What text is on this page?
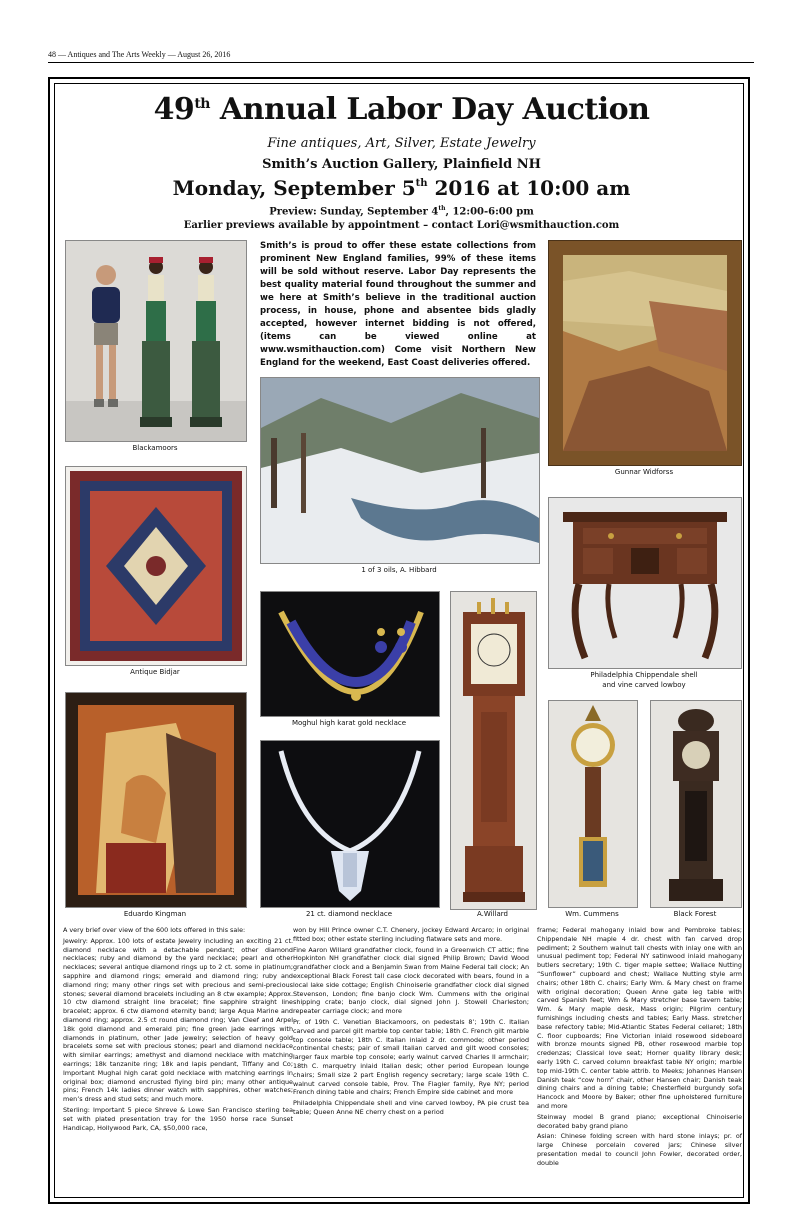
48 — Antiques and The Arts Weekly — August 26, 2016
49th Annual Labor Day Auction
Fine antiques, Art, Silver, Estate Jewelry
Smith’s Auction Gallery, Plainfield NH
Monday, September 5th 2016 at 10:00 am
Preview: Sunday, September 4th, 12:00-6:00 pm
Earlier previews available by appointment – contact Lori@wsmithauction.com
Smith’s is proud to offer these estate collections from prominent New England families, 99% of these items will be sold without reserve. Labor Day represents the best quality material found throughout the summer and we here at Smith’s believe in the traditional auction process, in house, phone and absentee bids gladly accepted, however internet bidding is not offered, (items can be viewed online at www.wsmithauction.com) Come visit Northern New England for the weekend, East Coast deliveries offered.
Blackamoors
1 of 3 oils, A. Hibbard
Gunnar Widforss
Antique Bidjar	Philadelphia Chippendale shell
and vine carved lowboy
Moghul high karat gold necklace
A.Willard
Eduardo Kingman	21 ct. diamond necklace	Wm. Cummens	Black Forest

A very brief over view of the 600 lots offered in this sale:

Jewelry: Approx. 100 lots of estate Jewelry including an exciting 21 ct. diamond necklace with a detachable pendant; other diamond necklaces; ruby and diamond by the yard necklace; pearl and other necklaces; several antique diamond rings up to 2 ct. some in platinum; sapphire and diamond rings; emerald and diamond ring; ruby and diamond ring; many other rings set with precious and semi-precious stones; several diamond bracelets including an 8 ctw example; Approx. 10 ctw diamond straight line bracelet; fine sapphire straight line bracelet; approx. 6 ctw diamond eternity band; large Aqua Marine and diamond ring; approx. 2.5 ct round diamond ring; Van Cleef and Arpel 18k gold diamond and emerald pin; fine green jade earrings with diamonds in platinum, other Jade jewelry; selection of heavy gold bracelets some set with precious stones; pearl and diamond necklace with similar earrings; amethyst and diamond necklace with matching earrings; 18k tanzanite ring; 18k and lapis pendant, Tiffany and Co; Important Mughal high carat gold necklace with matching earrings in original box; diamond encrusted flying bird pin; many other antique pins; French 14k ladies dinner watch with sapphires, other watches; men’s dress and stud sets; and much more.

Sterling: Important 5 piece Shreve & Lowe San Francisco sterling tea set with plated presentation tray for the 1950 horse race Sunset Handicap, Hollywood Park, CA, $50,000 race,

won by Hill Prince owner C.T. Chenery, jockey Edward Arcaro; in original fitted box; other estate sterling including flatware sets and more.

Fine Aaron Willard grandfather clock, found in a Greenwich CT attic; fine Hopkinton NH grandfather clock dial signed Philip Brown; David Wood grandfather clock and a Benjamin Swan from Maine Federal tall clock; An exceptional Black Forest tall case clock decorated with bears, found in a local lake side cottage; English Chinoiserie grandfather clock dial signed Stevenson, London; fine banjo clock Wm. Cummens with the original shipping crate; banjo clock, dial signed John J. Stowell Charleston; repeater carriage clock; and more

Pr. of 19th C. Venetian Blackamoors, on pedestals 8’; 19th C. Italian carved and parcel gilt marble top center table; 18th C. French gilt marble top console table; 18th C. Italian inlaid 2 dr. commode; other period continental chests; pair of small Italian carved and gilt wood consoles; larger faux marble top console; early walnut carved Charles II armchair; 18th C. marquetry inlaid Italian desk; other period European lounge chairs; Small size 2 part English regency secretary; large scale 19th C. walnut carved console table, Prov. The Flagler family, Rye NY; period French dining table and chairs; French Empire side cabinet and more

Philadelphia Chippendale shell and vine carved lowboy, PA pie crust tea table; Queen Anne NE cherry chest on a period

frame; Federal mahogany inlaid bow and Pembroke tables; Chippendale NH maple 4 dr. chest with fan carved drop pediment; 2 Southern walnut tall chests with inlay one with an unusual pediment top; Federal NY satinwood inlaid mahogany butlers secretary; 19th C. tiger maple settee; Wallace Nutting “Sunflower” cupboard and chest; Wallace Nutting style arm chairs; other 18th C. chairs; Early Wm. & Mary chest on frame with original decoration; Queen Anne gate leg table with carved Spanish feet; Wm & Mary stretcher base tavern table; Wm. & Mary maple desk, Mass origin; Pilgrim century furnishings including chests and tables; Early Mass. stretcher base refectory table; Mid-Atlantic States Federal cellaret; 18th C. floor cupboards; Fine Victorian inlaid rosewood sideboard with bronze mounts signed PB, other rosewood marble top credenzas; Classical love seat; Horner quality library desk; early 19th C. carved column breakfast table NY origin; marble top mid-19th C. center table attrib. to Meeks; Johannes Hansen Danish teak “cow horn” chair, other Hansen chair; Danish teak dining chairs and a dining table; Chesterfield burgundy sofa Hancock and Moore by Baker; other fine upholstered furniture and more

Steinway model B grand piano; exceptional Chinoiserie decorated baby grand piano

Asian: Chinese folding screen with hard stone inlays; pr. of large Chinese porcelain covered jars; Chinese silver presentation medal to council John Fowler, decorated order, double
